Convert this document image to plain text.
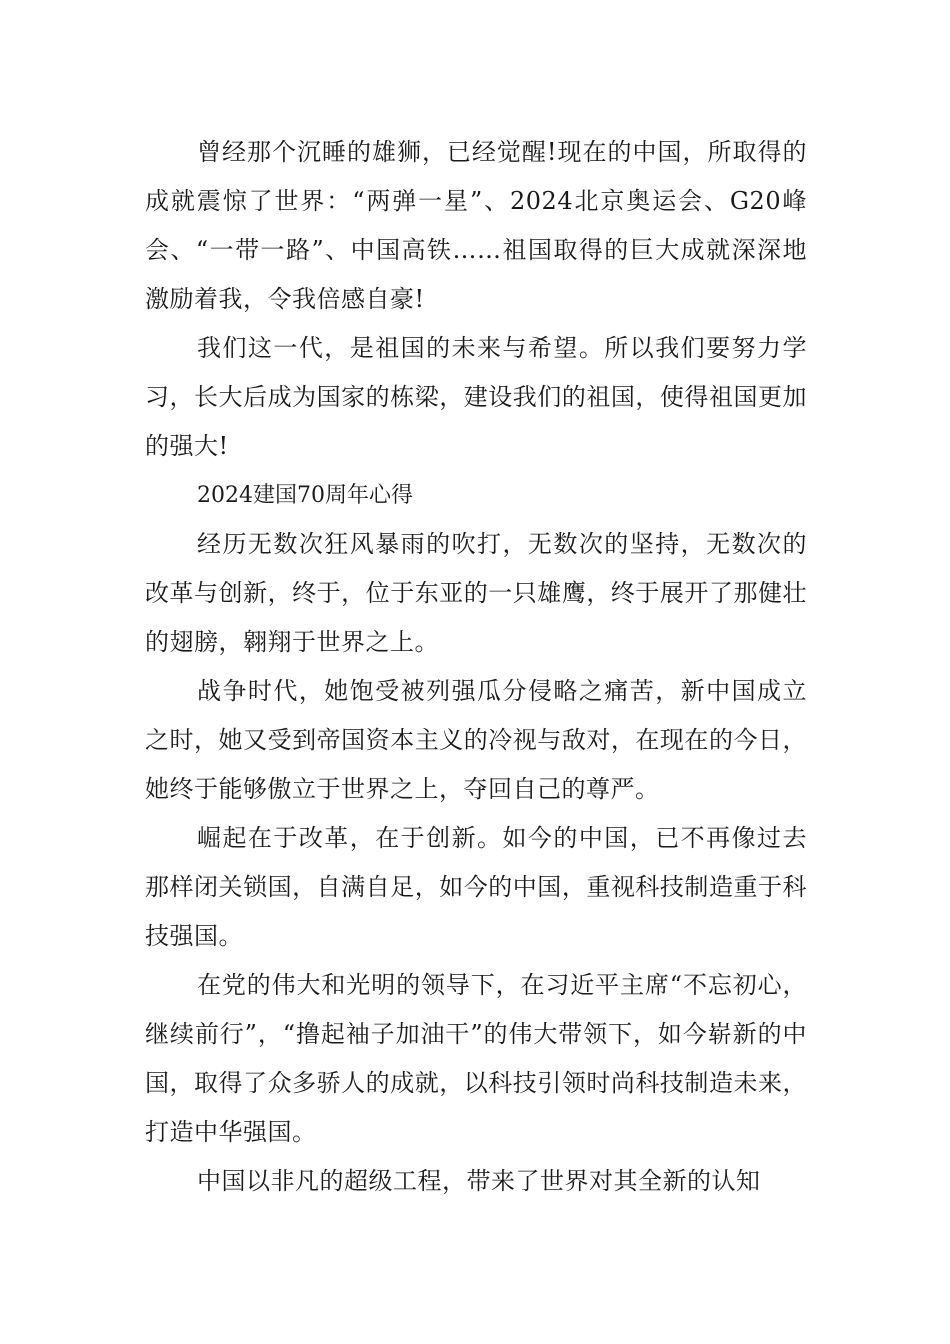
曾经那个沉睡的雄狮，已经觉醒!现在的中国，所取得的成就震惊了世界：“两弹一星”、2024北京奥运会、G20峰会、“一带一路”、中国高铁……祖国取得的巨大成就深深地激励着我，令我倍感自豪!

我们这一代，是祖国的未来与希望。所以我们要努力学习，长大后成为国家的栋梁，建设我们的祖国，使得祖国更加的强大!

2024建国70周年心得

经历无数次狂风暴雨的吹打，无数次的坚持，无数次的改革与创新，终于，位于东亚的一只雄鹰，终于展开了那健壮的翅膀，翱翔于世界之上。

战争时代，她饱受被列强瓜分侵略之痛苦，新中国成立之时，她又受到帝国资本主义的冷视与敌对，在现在的今日，她终于能够傲立于世界之上，夺回自己的尊严。

崛起在于改革，在于创新。如今的中国，已不再像过去那样闭关锁国，自满自足，如今的中国，重视科技制造重于科技强国。

在党的伟大和光明的领导下，在习近平主席“不忘初心，继续前行”，“撸起袖子加油干”的伟大带领下，如今崭新的中国，取得了众多骄人的成就，以科技引领时尚科技制造未来，打造中华强国。

中国以非凡的超级工程，带来了世界对其全新的认知
